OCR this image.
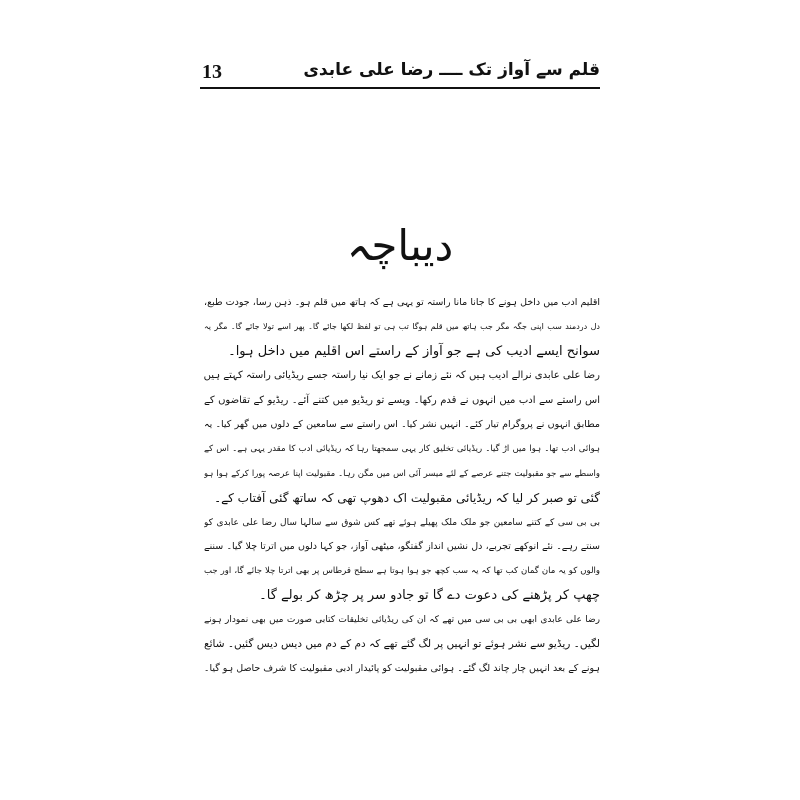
13	قلم سے آواز تک ــــ رضا علی عابدی
دیباچہ
اقلیم ادب میں داخل ہونے کا جانا مانا راستہ تو یہی ہے کہ ہاتھ میں قلم ہو۔ ذہن رسا، جودت طبع،
دل دردمند سب اپنی جگہ مگر جب ہاتھ میں قلم ہوگا تب ہی تو لفظ لکھا جائے گا۔ پھر اسے تولا جائے گا۔ مگر یہ
سوانح ایسے ادیب کی ہے جو آواز کے راستے اس اقلیم میں داخل ہوا۔
رضا علی عابدی نرالے ادیب ہیں کہ نئے زمانے نے جو ایک نیا راستہ جسے ریڈیائی راستہ کہتے ہیں
اس راستے سے ادب میں انہوں نے قدم رکھا۔ ویسے تو ریڈیو میں کتنے آئے۔ ریڈیو کے تقاضوں کے
مطابق انہوں نے پروگرام تیار کئے۔ انہیں نشر کیا۔ اس راستے سے سامعین کے دلوں میں گھر کیا۔ یہ
ہوائی ادب تھا۔ ہوا میں اڑ گیا۔ ریڈیائی تخلیق کار یہی سمجھتا رہا کہ ریڈیائی ادب کا مقدر یہی ہے۔ اس کے
واسطے سے جو مقبولیت جتنے عرصے کے لئے میسر آئی اس میں مگن رہا۔ مقبولیت اپنا عرصہ پورا کرکے ہوا ہو
گئی تو صبر کر لیا کہ ریڈیائی مقبولیت اک دھوپ تھی کہ ساتھ گئی آفتاب کے۔
بی بی سی کے کتنے سامعین جو ملک ملک پھیلے ہوئے تھے کس شوق سے سالہا سال رضا علی عابدی کو
سنتے رہے۔ نئے انوکھے تجربے، دل نشیں انداز گفتگو، میٹھی آواز، جو کہا دلوں میں اترتا چلا گیا۔ سننے
والوں کو یہ مان گمان کب تھا کہ یہ سب کچھ جو ہوا ہوتا ہے سطح قرطاس پر بھی اترتا چلا جائے گا، اور جب
چھپ کر پڑھنے کی دعوت دے گا تو جادو سر پر چڑھ کر بولے گا۔
رضا علی عابدی ابھی بی بی سی میں تھے کہ ان کی ریڈیائی تخلیقات کتابی صورت میں بھی نمودار ہونے
لگیں۔ ریڈیو سے نشر ہوئے تو انہیں پر لگ گئے تھے کہ دم کے دم میں دیس دیس گئیں۔ شائع
ہونے کے بعد انہیں چار چاند لگ گئے۔ ہوائی مقبولیت کو پائیدار ادبی مقبولیت کا شرف حاصل ہو گیا۔
